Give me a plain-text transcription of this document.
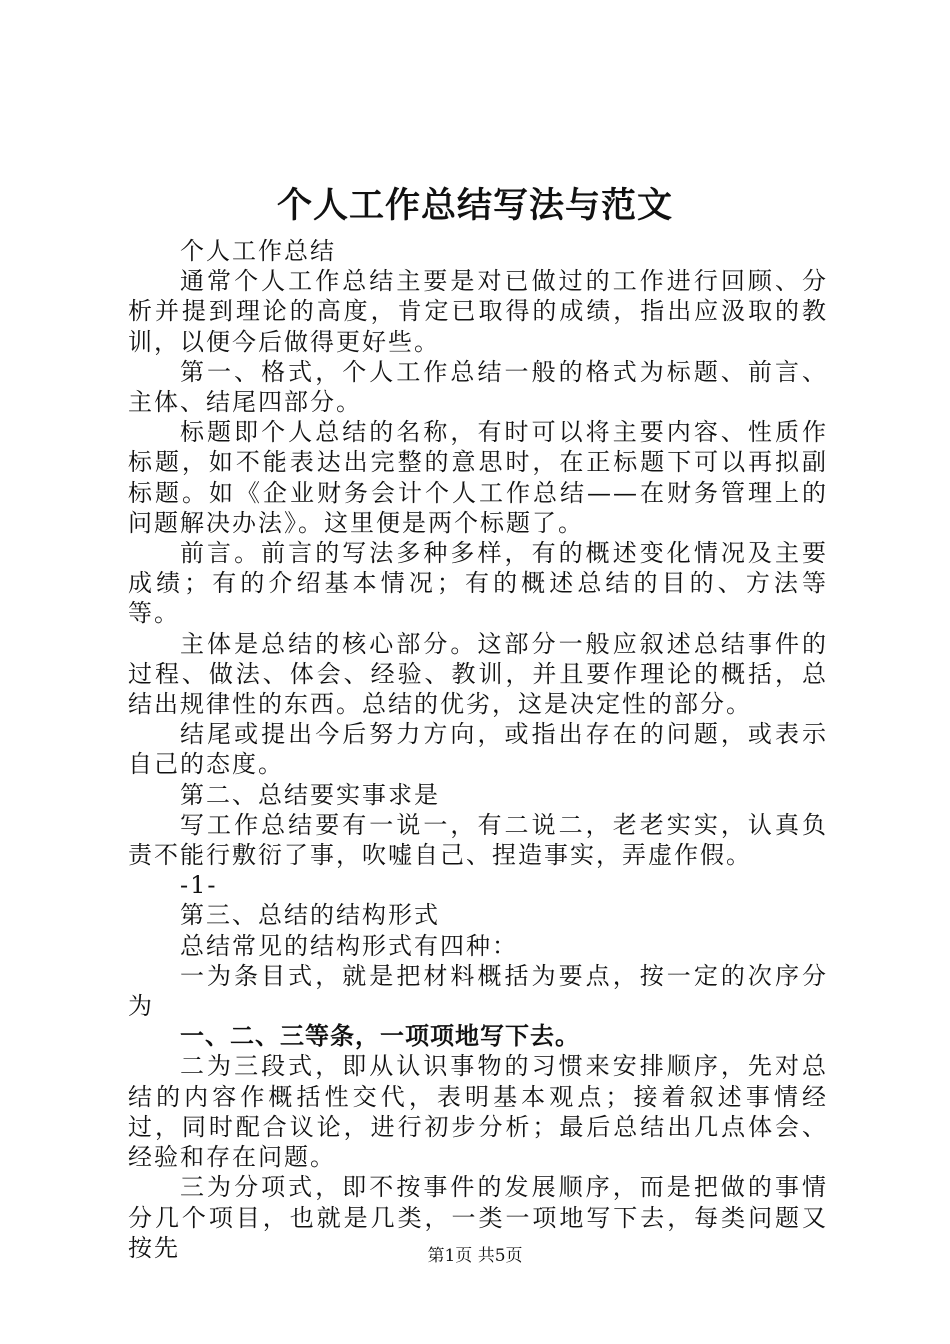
个人工作总结写法与范文

个人工作总结

通常个人工作总结主要是对已做过的工作进行回顾、分析并提到理论的高度，肯定已取得的成绩，指出应汲取的教训，以便今后做得更好些。

第一、格式，个人工作总结一般的格式为标题、前言、主体、结尾四部分。

标题即个人总结的名称，有时可以将主要内容、性质作标题，如不能表达出完整的意思时，在正标题下可以再拟副标题。如《企业财务会计个人工作总结——在财务管理上的问题解决办法》。这里便是两个标题了。

前言。前言的写法多种多样，有的概述变化情况及主要成绩；有的介绍基本情况；有的概述总结的目的、方法等等。

主体是总结的核心部分。这部分一般应叙述总结事件的过程、做法、体会、经验、教训，并且要作理论的概括，总结出规律性的东西。总结的优劣，这是决定性的部分。

结尾或提出今后努力方向，或指出存在的问题，或表示自己的态度。

第二、总结要实事求是

写工作总结要有一说一，有二说二，老老实实，认真负责不能行敷衍了事，吹嘘自己、捏造事实，弄虚作假。

-1-

第三、总结的结构形式

总结常见的结构形式有四种：

一为条目式，就是把材料概括为要点，按一定的次序分为

一、二、三等条，一项项地写下去。

二为三段式，即从认识事物的习惯来安排顺序，先对总结的内容作概括性交代，表明基本观点；接着叙述事情经过，同时配合议论，进行初步分析；最后总结出几点体会、经验和存在问题。

三为分项式，即不按事件的发展顺序，而是把做的事情分几个项目，也就是几类，一类一项地写下去，每类问题又按先	第1页 共5页
